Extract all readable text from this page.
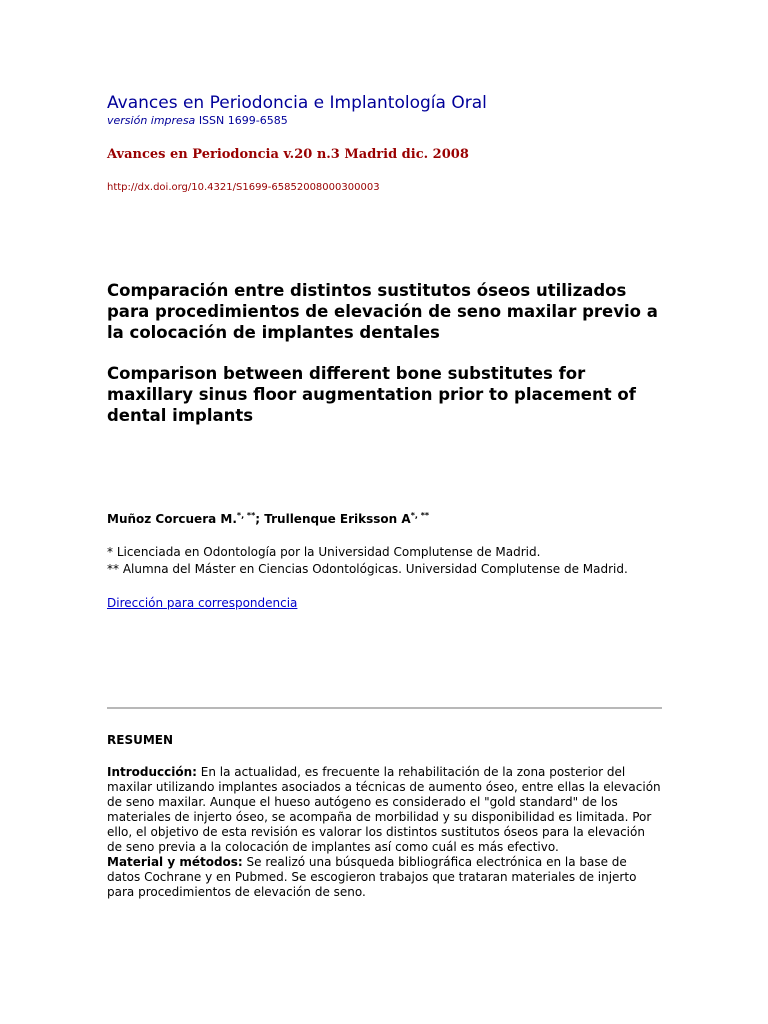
Avances en Periodoncia e Implantología Oral
versión impresa ISSN 1699-6585
Avances en Periodoncia v.20 n.3 Madrid dic. 2008
http://dx.doi.org/10.4321/S1699-65852008000300003
Comparación entre distintos sustitutos óseos utilizados para procedimientos de elevación de seno maxilar previo a la colocación de implantes dentales
Comparison between different bone substitutes for maxillary sinus floor augmentation prior to placement of dental implants
Muñoz Corcuera M.*, **; Trullenque Eriksson A*, **
* Licenciada en Odontología por la Universidad Complutense de Madrid.
** Alumna del Máster en Ciencias Odontológicas. Universidad Complutense de Madrid.
Dirección para correspondencia
RESUMEN

Introducción: En la actualidad, es frecuente la rehabilitación de la zona posterior del maxilar utilizando implantes asociados a técnicas de aumento óseo, entre ellas la elevación de seno maxilar. Aunque el hueso autógeno es considerado el "gold standard" de los materiales de injerto óseo, se acompaña de morbilidad y su disponibilidad es limitada. Por ello, el objetivo de esta revisión es valorar los distintos sustitutos óseos para la elevación de seno previa a la colocación de implantes así como cuál es más efectivo.
Material y métodos: Se realizó una búsqueda bibliográfica electrónica en la base de datos Cochrane y en Pubmed. Se escogieron trabajos que trataran materiales de injerto para procedimientos de elevación de seno.
